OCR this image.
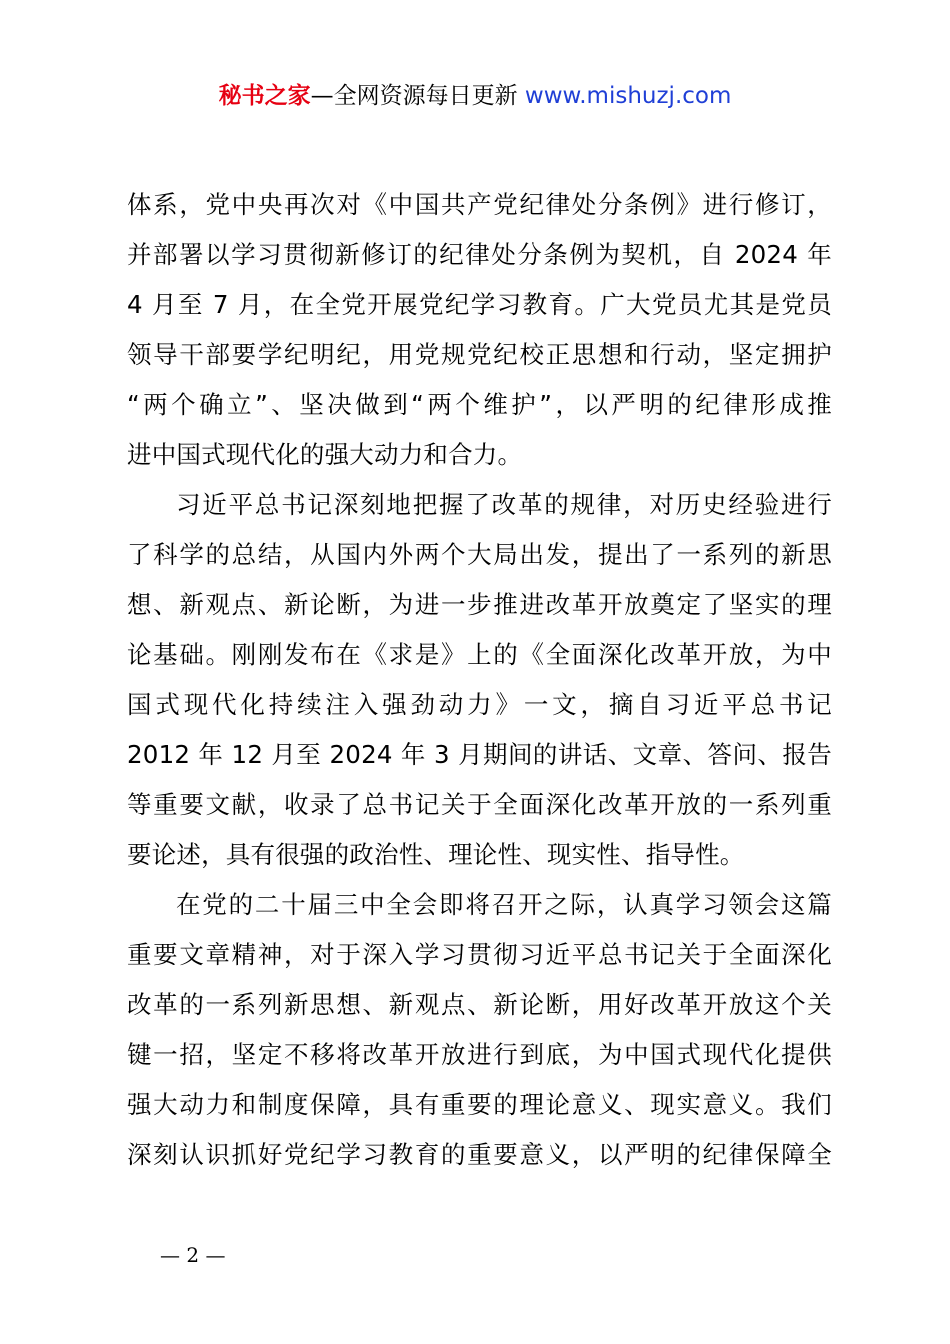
秘书之家—全网资源每日更新 www.mishuzj.com

体系，党中央再次对《中国共产党纪律处分条例》进行修订，
并部署以学习贯彻新修订的纪律处分条例为契机，自 2024 年
4 月至 7 月，在全党开展党纪学习教育。广大党员尤其是党员
领导干部要学纪明纪，用党规党纪校正思想和行动，坚定拥护
“两个确立”、坚决做到“两个维护”，以严明的纪律形成推
进中国式现代化的强大动力和合力。

习近平总书记深刻地把握了改革的规律，对历史经验进行
了科学的总结，从国内外两个大局出发，提出了一系列的新思
想、新观点、新论断，为进一步推进改革开放奠定了坚实的理
论基础。刚刚发布在《求是》上的《全面深化改革开放，为中
国式现代化持续注入强劲动力》一文，摘自习近平总书记
2012 年 12 月至 2024 年 3 月期间的讲话、文章、答问、报告
等重要文献，收录了总书记关于全面深化改革开放的一系列重
要论述，具有很强的政治性、理论性、现实性、指导性。

在党的二十届三中全会即将召开之际，认真学习领会这篇
重要文章精神，对于深入学习贯彻习近平总书记关于全面深化
改革的一系列新思想、新观点、新论断，用好改革开放这个关
键一招，坚定不移将改革开放进行到底，为中国式现代化提供
强大动力和制度保障，具有重要的理论意义、现实意义。我们
深刻认识抓好党纪学习教育的重要意义，以严明的纪律保障全

— 2 —
